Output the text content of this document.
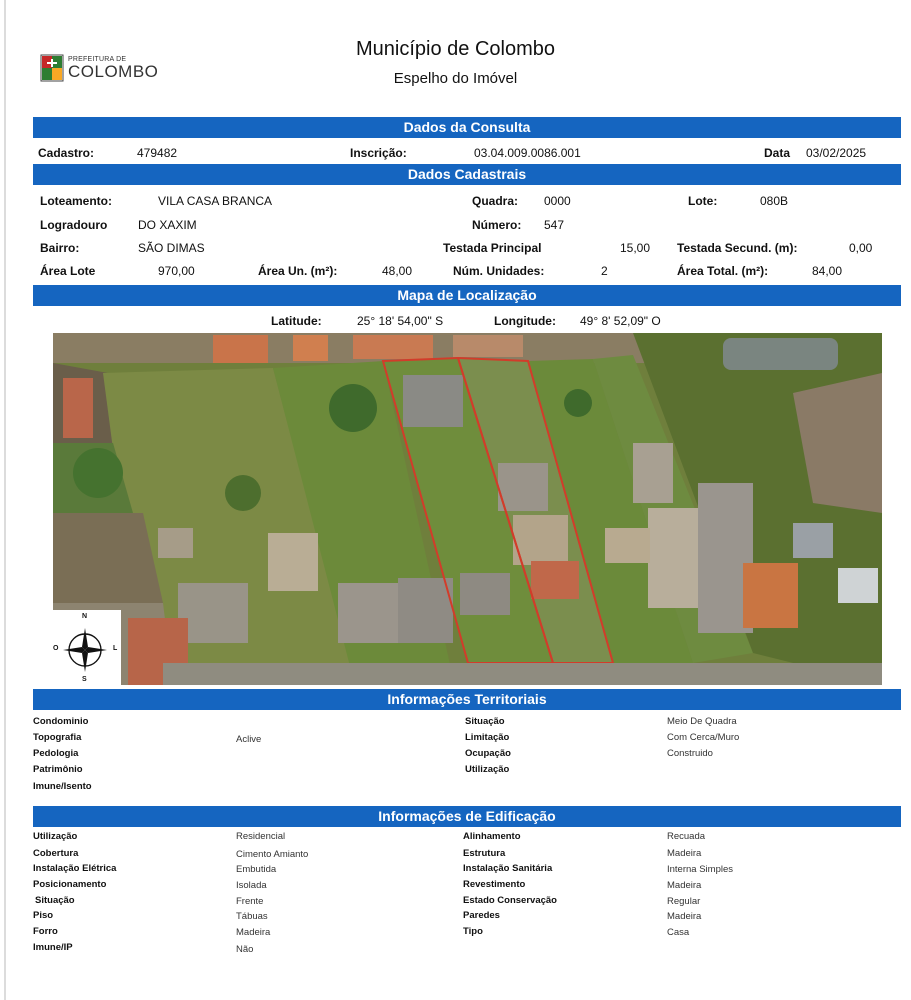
PREFEITURA DE
COLOMBO
Município de Colombo
Espelho do Imóvel
Dados da Consulta
Cadastro:	479482	Inscrição:	03.04.009.0086.001	Data 03/02/2025
Dados Cadastrais
Loteamento:	VILA CASA BRANCA	Quadra: 0000	Lote:	080B
Logradouro	DO XAXIM	Número: 547
Bairro:	SÃO DIMAS	Testada Principal	15,00 Testada Secund. (m):	0,00
Área Lote	970,00	Área Un. (m²):	48,00	Núm. Unidades:	2	Área Total. (m²):	84,00
Mapa de Localização
Latitude:	25° 18' 54,00" S	Longitude: 49° 8' 52,09" O
N
S
O	L
Informações Territoriais
Condominio
Topografia	Aclive
Pedologia
Patrimônio
Imune/Isento
Situação	Meio De Quadra
Limitação	Com Cerca/Muro
Ocupação	Construido
Utilização
Informações de Edificação
Utilização	Residencial
Cobertura	Cimento Amianto
Instalação Elétrica	Embutida
Posicionamento	Isolada
Situação	Frente
Piso	Tábuas
Forro	Madeira
Imune/IP	Não
Alinhamento	Recuada
Estrutura	Madeira
Instalação Sanitária	Interna Simples
Revestimento	Madeira
Estado Conservação	Regular
Paredes	Madeira
Tipo	Casa
